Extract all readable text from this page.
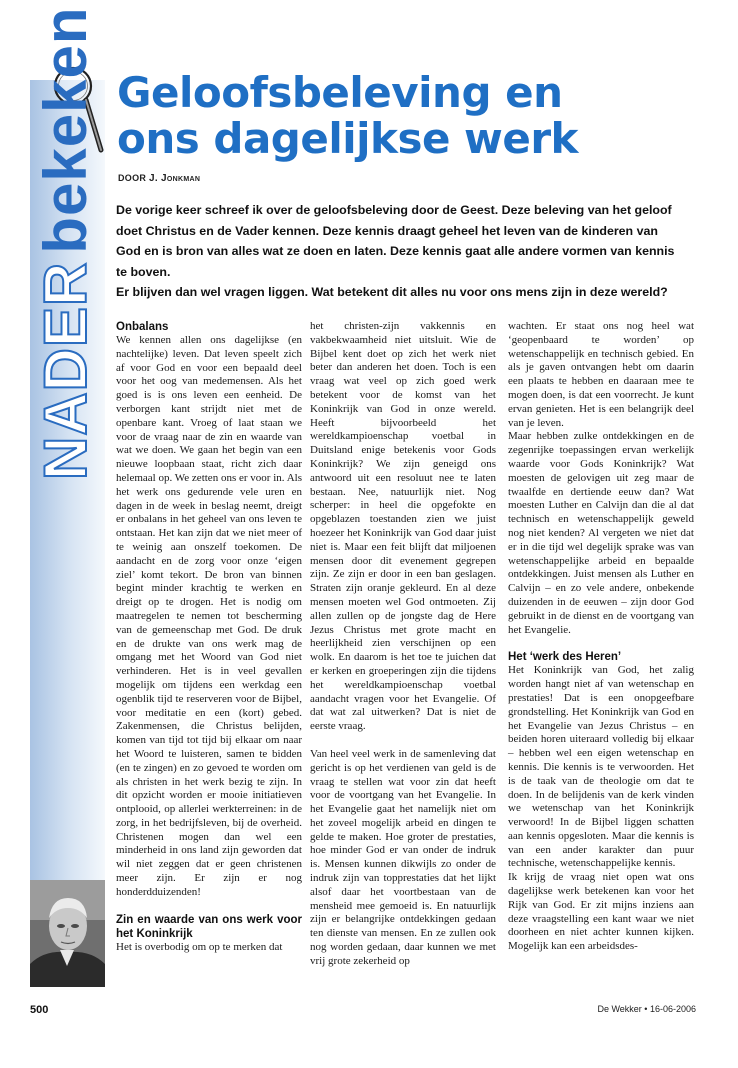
NADERbekeken Geloofsbeleving en
ons dagelijkse werk
DOOR J. Jonkman

De vorige keer schreef ik over de geloofsbeleving door de Geest. Deze beleving van het geloof doet Christus en de Vader kennen. Deze kennis draagt geheel het leven van de kinderen van God en is bron van alles wat ze doen en laten. Deze kennis gaat alle andere vormen van kennis te boven.

Er blijven dan wel vragen liggen. Wat betekent dit alles nu voor ons mens zijn in deze wereld?

Onbalans

We kennen allen ons dagelijkse (en nachtelijke) leven. Dat leven speelt zich af voor God en voor een bepaald deel voor het oog van medemensen. Als het goed is is ons leven een eenheid. De verborgen kant strijdt niet met de openbare kant. Vroeg of laat staan we voor de vraag naar de zin en waarde van wat we doen. We gaan het begin van een nieuwe loopbaan staat, richt zich daar helemaal op. We zetten ons er voor in. Als het werk ons gedurende vele uren en dagen in de week in beslag neemt, dreigt er onbalans in het geheel van ons leven te ontstaan. Het kan zijn dat we niet meer of te weinig aan onszelf toekomen. De aandacht en de zorg voor onze ‘eigen ziel’ komt tekort. De bron van binnen begint minder krachtig te werken en dreigt op te drogen. Het is nodig om maatregelen te nemen tot bescherming van de gemeenschap met God. De druk en de drukte van ons werk mag de omgang met het Woord van God niet verhinderen. Het is in veel gevallen mogelijk om tijdens een werkdag een ogenblik tijd te reserveren voor de Bijbel, voor meditatie en een (kort) gebed. Zakenmensen, die Christus belijden, komen van tijd tot tijd bij elkaar om naar het Woord te luisteren, samen te bidden (en te zingen) en zo gevoed te worden om als christen in het werk bezig te zijn. In dit opzicht worden er mooie initiatieven ontplooid, op allerlei werkterreinen: in de zorg, in het bedrijfsleven, bij de overheid. Christenen mogen dan wel een minderheid in ons land zijn geworden dat wil niet zeggen dat er geen christenen meer zijn. Er zijn er nog honderdduizenden!

Zin en waarde van ons werk voor het Koninkrijk

Het is overbodig om op te merken dat

het christen-zijn vakkennis en vakbekwaamheid niet uitsluit. Wie de Bijbel kent doet op zich het werk niet beter dan anderen het doen. Toch is een vraag wat veel op zich goed werk betekent voor de komst van het Koninkrijk van God in onze wereld. Heeft bijvoorbeeld het wereldkampioenschap voetbal in Duitsland enige betekenis voor Gods Koninkrijk? We zijn geneigd ons antwoord uit een resoluut nee te laten bestaan. Nee, natuurlijk niet. Nog scherper: in heel die opgefokte en opgeblazen toestanden zien we juist hoezeer het Koninkrijk van God daar juist niet is. Maar een feit blijft dat miljoenen mensen door dit evenement gegrepen zijn. Ze zijn er door in een ban geslagen. Straten zijn oranje gekleurd. En al deze mensen moeten wel God ontmoeten. Zij allen zullen op de jongste dag de Here Jezus Christus met grote macht en heerlijkheid zien verschijnen op een wolk. En daarom is het toe te juichen dat er kerken en groeperingen zijn die tijdens het wereldkampioenschap voetbal aandacht vragen voor het Evangelie. Of dat wat zal uitwerken? Dat is niet de eerste vraag.

Van heel veel werk in de samenleving dat gericht is op het verdienen van geld is de vraag te stellen wat voor zin dat heeft voor de voortgang van het Evangelie. In het Evangelie gaat het namelijk niet om het zoveel mogelijk arbeid en dingen te gelde te maken. Hoe groter de prestaties, hoe minder God er van onder de indruk is. Mensen kunnen dikwijls zo onder de indruk zijn van topprestaties dat het lijkt alsof daar het voortbestaan van de mensheid mee gemoeid is. En natuurlijk zijn er belangrijke ontdekkingen gedaan ten dienste van mensen. En ze zullen ook nog worden gedaan, daar kunnen we met vrij grote zekerheid op

wachten. Er staat ons nog heel wat ‘geopenbaard te worden’ op wetenschappelijk en technisch gebied. En als je gaven ontvangen hebt om daarin een plaats te hebben en daaraan mee te mogen doen, is dat een voorrecht. Je kunt ervan genieten. Het is een belangrijk deel van je leven.

Maar hebben zulke ontdekkingen en de zegenrijke toepassingen ervan werkelijk waarde voor Gods Koninkrijk? Wat moesten de gelovigen uit zeg maar de twaalfde en dertiende eeuw dan? Wat moesten Luther en Calvijn dan die al dat technisch en wetenschappelijk geweld nog niet kenden? Al vergeten we niet dat er in die tijd wel degelijk sprake was van wetenschappelijke arbeid en bepaalde ontdekkingen. Juist mensen als Luther en Calvijn – en zo vele andere, onbekende duizenden in de eeuwen – zijn door God gebruikt in de dienst en de voortgang van het Evangelie.

Het ‘werk des Heren’

Het Koninkrijk van God, het zalig worden hangt niet af van wetenschap en prestaties! Dat is een onopgeefbare grondstelling. Het Koninkrijk van God en het Evangelie van Jezus Christus – en beiden horen uiteraard volledig bij elkaar – hebben wel een eigen wetenschap en kennis. Die kennis is te verwoorden. Het is de taak van de theologie om dat te doen. In de belijdenis van de kerk vinden we wetenschap van het Koninkrijk verwoord! In de Bijbel liggen schatten aan kennis opgesloten. Maar die kennis is van een ander karakter dan puur technische, wetenschappelijke kennis.

Ik krijg de vraag niet open wat ons dagelijkse werk betekenen kan voor het Rijk van God. Er zit mijns inziens aan deze vraagstelling een kant waar we niet doorheen en niet achter kunnen kijken. Mogelijk kan een arbeidsdes-

500	De Wekker • 16-06-2006
